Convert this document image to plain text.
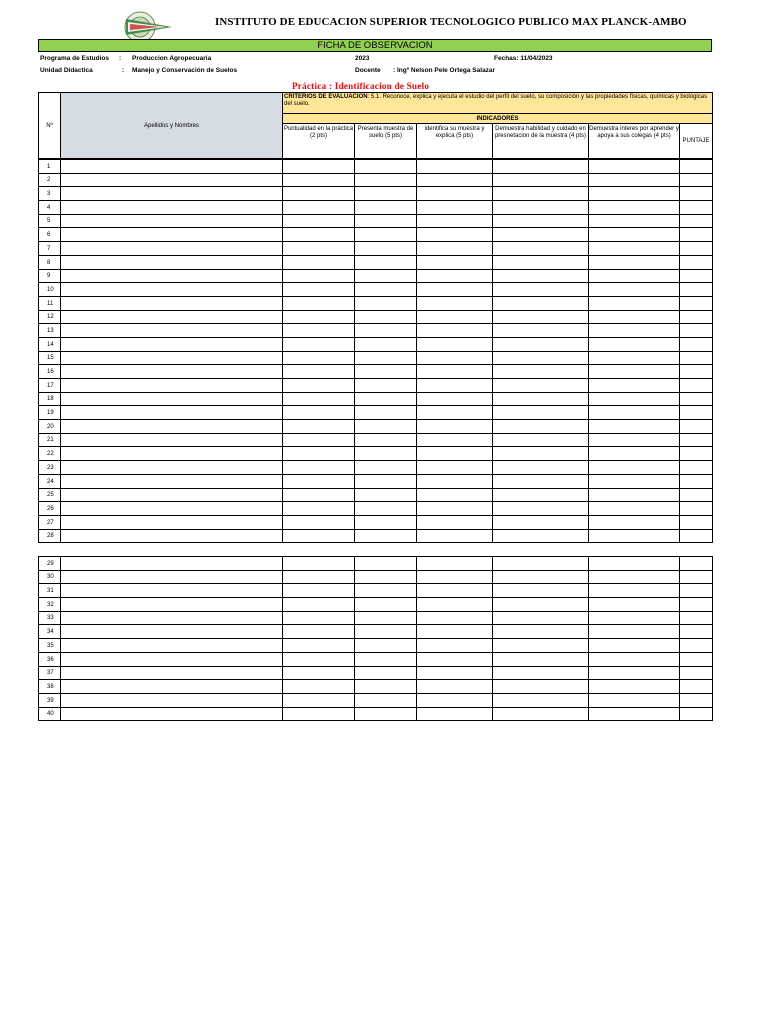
INSTITUTO DE EDUCACION SUPERIOR TECNOLOGICO PUBLICO MAX PLANCK-AMBO
FICHA DE OBSERVACION
Programa de Estudios : Produccion Agropecuaria	2023	Fechas: 11/04/2023
Unidad Didactica	: Manejo y Conservación de Suelos	Docente : Ingº Nelson Pele Ortega Salazar
Práctica : Identificacion de Suelo
Nº	Apellidos y Nombres	CRITERIOS DE EVALUACION: 5.1. Reconoce, explica y ejecuta el estudio del perfil del suelo, su composición y las propiedades físicas, químicas y biológicas del suelo.					
		INDICADORES					
		Puntualidad en la práctica (2 pts)	Presenta muestra de suelo (5 pts)	identifica su muestra y explica (5 pts)	Demuestra habilidad y cuidado en presnetacion de la muestra (4 pts)	Demuestra interes por aprender y apoya a sus colegas (4 pts)	PUNTAJE
1							
2							
3							
4							
5							
6							
7							
8							
9							
10							
11							
12							
13							
14							
15							
16							
17							
18							
19							
20							
21							
22							
23							
24							
25							
26							
27							
28							
29							
30							
31							
32							
33							
34							
35							
36							
37							
38							
39							
40							
